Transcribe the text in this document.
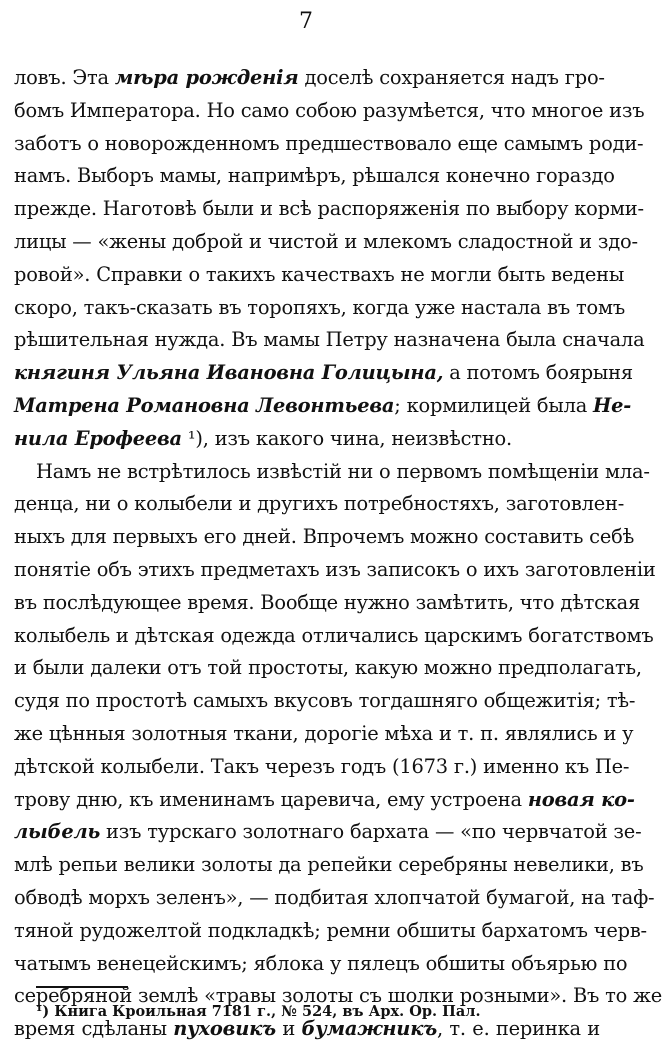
7
ловъ. Эта мѣра рожденія доселѣ сохраняется надъ гро-
бомъ Императора. Но само собою разумѣется, что многое изъ
заботъ о новорожденномъ предшествовало еще самымъ роди-
намъ. Выборъ мамы, напримѣръ, рѣшался конечно гораздо
прежде. Наготовѣ были и всѣ распоряженія по выбору корми-
лицы — «жены доброй и чистой и млекомъ сладостной и здо-
ровой». Справки о такихъ качествахъ не могли быть ведены
скоро, такъ-сказать въ торопяхъ, когда уже настала въ томъ
рѣшительная нужда. Въ мамы Петру назначена была сначала
княгиня Ульяна Ивановна Голицына, а потомъ боярыня
Матрена Романовна Левонтьева; кормилицей была Не-
нила Ерофеева ¹), изъ какого чина, неизвѣстно.
Намъ не встрѣтилось извѣстій ни о первомъ помѣщеніи мла-
денца, ни о колыбели и другихъ потребностяхъ, заготовлен-
ныхъ для первыхъ его дней. Впрочемъ можно составить себѣ
понятіе объ этихъ предметахъ изъ записокъ о ихъ заготовленіи
въ послѣдующее время. Вообще нужно замѣтить, что дѣтская
колыбель и дѣтская одежда отличались царскимъ богатствомъ
и были далеки отъ той простоты, какую можно предполагать,
судя по простотѣ самыхъ вкусовъ тогдашняго общежитія; тѣ-
же цѣнныя золотныя ткани, дорогіе мѣха и т. п. являлись и у
дѣтской колыбели. Такъ черезъ годъ (1673 г.) именно къ Пе-
трову дню, къ именинамъ царевича, ему устроена новая ко-
лыбель изъ турскаго золотнаго бархата — «по червчатой зе-
млѣ репьи велики золоты да репейки серебряны невелики, въ
обводѣ морхъ зеленъ», — подбитая хлопчатой бумагой, на таф-
тяной рудожелтой подкладкѣ; ремни обшиты бархатомъ черв-
чатымъ венецейскимъ; яблока у пялецъ обшиты объярью по
серебряной землѣ «травы золоты съ шолки розными». Въ то же
время сдѣланы пуховикъ и бумажникъ, т. е. перинка и
¹) Книга Кроильная 7181 г., № 524, въ Арх. Ор. Пал.
